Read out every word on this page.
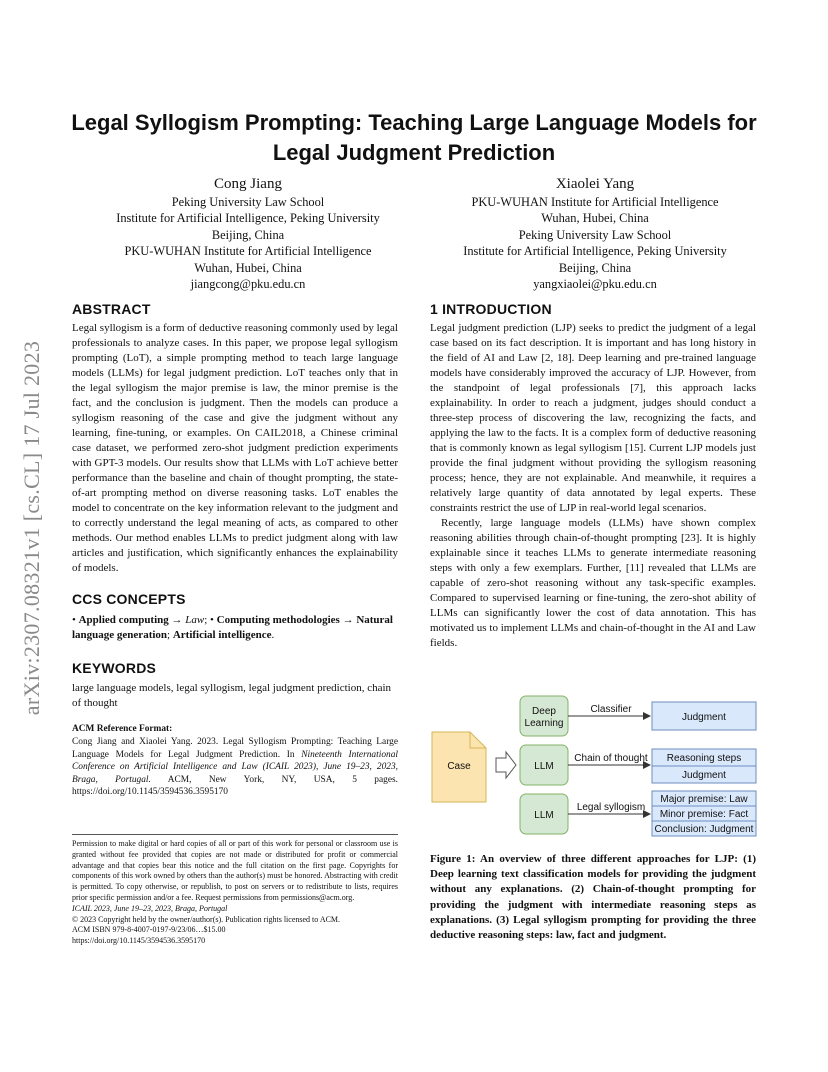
Legal Syllogism Prompting: Teaching Large Language Models for Legal Judgment Prediction
Cong Jiang
Peking University Law School
Institute for Artificial Intelligence, Peking University
Beijing, China
PKU-WUHAN Institute for Artificial Intelligence
Wuhan, Hubei, China
jiangcong@pku.edu.cn
Xiaolei Yang
PKU-WUHAN Institute for Artificial Intelligence
Wuhan, Hubei, China
Peking University Law School
Institute for Artificial Intelligence, Peking University
Beijing, China
yangxiaolei@pku.edu.cn
arXiv:2307.08321v1 [cs.CL] 17 Jul 2023
ABSTRACT

Legal syllogism is a form of deductive reasoning commonly used by legal professionals to analyze cases. In this paper, we propose legal syllogism prompting (LoT), a simple prompting method to teach large language models (LLMs) for legal judgment prediction. LoT teaches only that in the legal syllogism the major premise is law, the minor premise is the fact, and the conclusion is judgment. Then the models can produce a syllogism reasoning of the case and give the judgment without any learning, fine-tuning, or examples. On CAIL2018, a Chinese criminal case dataset, we performed zero-shot judgment prediction experiments with GPT-3 models. Our results show that LLMs with LoT achieve better performance than the baseline and chain of thought prompting, the state-of-art prompting method on diverse reasoning tasks. LoT enables the model to concentrate on the key information relevant to the judgment and to correctly understand the legal meaning of acts, as compared to other methods. Our method enables LLMs to predict judgment along with law articles and justification, which significantly enhances the explainability of models.

CCS CONCEPTS

• Applied computing → Law; • Computing methodologies → Natural language generation; Artificial intelligence.

KEYWORDS

large language models, legal syllogism, legal judgment prediction, chain of thought

ACM Reference Format:
Cong Jiang and Xiaolei Yang. 2023. Legal Syllogism Prompting: Teaching Large Language Models for Legal Judgment Prediction. In Nineteenth International Conference on Artificial Intelligence and Law (ICAIL 2023), June 19–23, 2023, Braga, Portugal. ACM, New York, NY, USA, 5 pages. https://doi.org/10.1145/3594536.3595170
Permission to make digital or hard copies of all or part of this work for personal or classroom use is granted without fee provided that copies are not made or distributed for profit or commercial advantage and that copies bear this notice and the full citation on the first page. Copyrights for components of this work owned by others than the author(s) must be honored. Abstracting with credit is permitted. To copy otherwise, or republish, to post on servers or to redistribute to lists, requires prior specific permission and/or a fee. Request permissions from permissions@acm.org.
ICAIL 2023, June 19–23, 2023, Braga, Portugal
© 2023 Copyright held by the owner/author(s). Publication rights licensed to ACM.
ACM ISBN 979-8-4007-0197-9/23/06…$15.00
https://doi.org/10.1145/3594536.3595170
1 INTRODUCTION

Legal judgment prediction (LJP) seeks to predict the judgment of a legal case based on its fact description. It is important and has long history in the field of AI and Law [2, 18]. Deep learning and pre-trained language models have considerably improved the accuracy of LJP. However, from the standpoint of legal professionals [7], this approach lacks explainability. In order to reach a judgment, judges should conduct a three-step process of discovering the law, recognizing the facts, and applying the law to the facts. It is a complex form of deductive reasoning that is commonly known as legal syllogism [15]. Current LJP models just provide the final judgment without providing the syllogism reasoning process; hence, they are not explainable. And meanwhile, it requires a relatively large quantity of data annotated by legal experts. These constraints restrict the use of LJP in real-world legal scenarios.

Recently, large language models (LLMs) have shown complex reasoning abilities through chain-of-thought prompting [23]. It is highly explainable since it teaches LLMs to generate intermediate reasoning steps with only a few exemplars. Further, [11] revealed that LLMs are capable of zero-shot reasoning without any task-specific examples. Compared to supervised learning or fine-tuning, the zero-shot ability of LLMs can significantly lower the cost of data annotation. This has motivated us to implement LLMs and chain-of-thought in the AI and Law fields.

Case
Deep
Learning
LLM
LLM
Classifier
Chain of thought
Legal syllogism
Judgment
Reasoning steps
Judgment
Major premise: Law
Minor premise: Fact
Conclusion: Judgment
Figure 1: An overview of three different approaches for LJP: (1) Deep learning text classification models for providing the judgment without any explanations. (2) Chain-of-thought prompting for providing the judgment with intermediate reasoning steps as explanations. (3) Legal syllogism prompting for providing the three deductive reasoning steps: law, fact and judgment.
